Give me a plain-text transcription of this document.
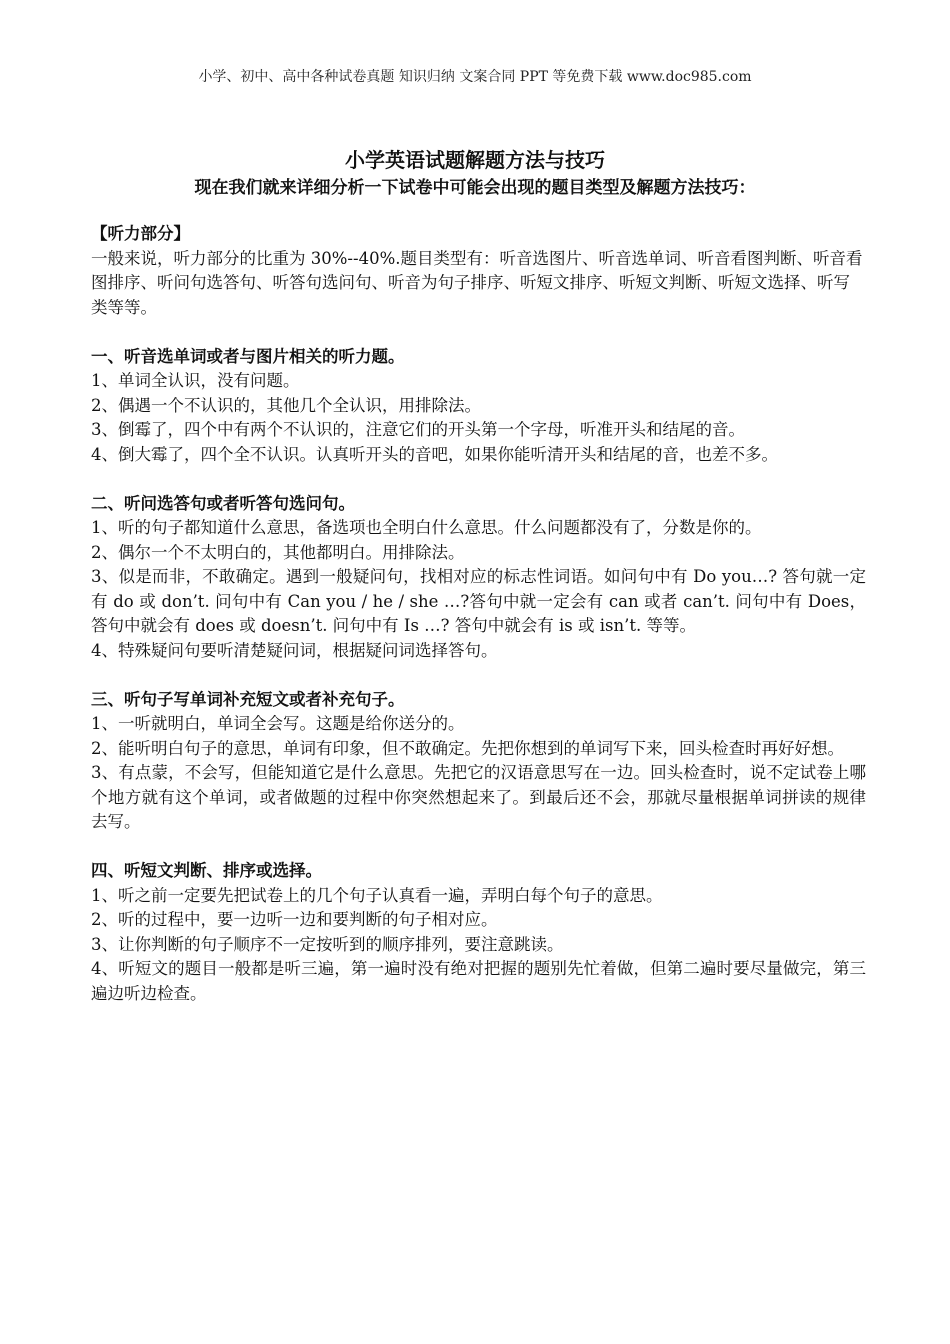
小学、初中、高中各种试卷真题 知识归纳 文案合同 PPT 等免费下载 www.doc985.com
小学英语试题解题方法与技巧
现在我们就来详细分析一下试卷中可能会出现的题目类型及解题方法技巧：
【听力部分】

一般来说，听力部分的比重为 30%--40%.题目类型有：听音选图片、听音选单词、听音看图判断、听音看图排序、听问句选答句、听答句选问句、听音为句子排序、听短文排序、听短文判断、听短文选择、听写类等等。

一、听音选单词或者与图片相关的听力题。

1、单词全认识，没有问题。

2、偶遇一个不认识的，其他几个全认识，用排除法。

3、倒霉了，四个中有两个不认识的，注意它们的开头第一个字母，听准开头和结尾的音。

4、倒大霉了，四个全不认识。认真听开头的音吧，如果你能听清开头和结尾的音，也差不多。

二、听问选答句或者听答句选问句。

1、听的句子都知道什么意思，备选项也全明白什么意思。什么问题都没有了，分数是你的。

2、偶尔一个不太明白的，其他都明白。用排除法。

3、似是而非，不敢确定。遇到一般疑问句，找相对应的标志性词语。如问句中有 Do you…? 答句就一定有 do 或 don’t. 问句中有 Can you / he / she …?答句中就一定会有 can 或者 can’t. 问句中有 Does，答句中就会有 does 或 doesn’t. 问句中有 Is …? 答句中就会有 is 或 isn’t. 等等。

4、特殊疑问句要听清楚疑问词，根据疑问词选择答句。

三、听句子写单词补充短文或者补充句子。

1、一听就明白，单词全会写。这题是给你送分的。

2、能听明白句子的意思，单词有印象，但不敢确定。先把你想到的单词写下来，回头检查时再好好想。

3、有点蒙，不会写，但能知道它是什么意思。先把它的汉语意思写在一边。回头检查时，说不定试卷上哪个地方就有这个单词，或者做题的过程中你突然想起来了。到最后还不会，那就尽量根据单词拼读的规律去写。

四、听短文判断、排序或选择。

1、听之前一定要先把试卷上的几个句子认真看一遍，弄明白每个句子的意思。

2、听的过程中，要一边听一边和要判断的句子相对应。

3、让你判断的句子顺序不一定按听到的顺序排列，要注意跳读。

4、听短文的题目一般都是听三遍，第一遍时没有绝对把握的题别先忙着做，但第二遍时要尽量做完，第三遍边听边检查。
